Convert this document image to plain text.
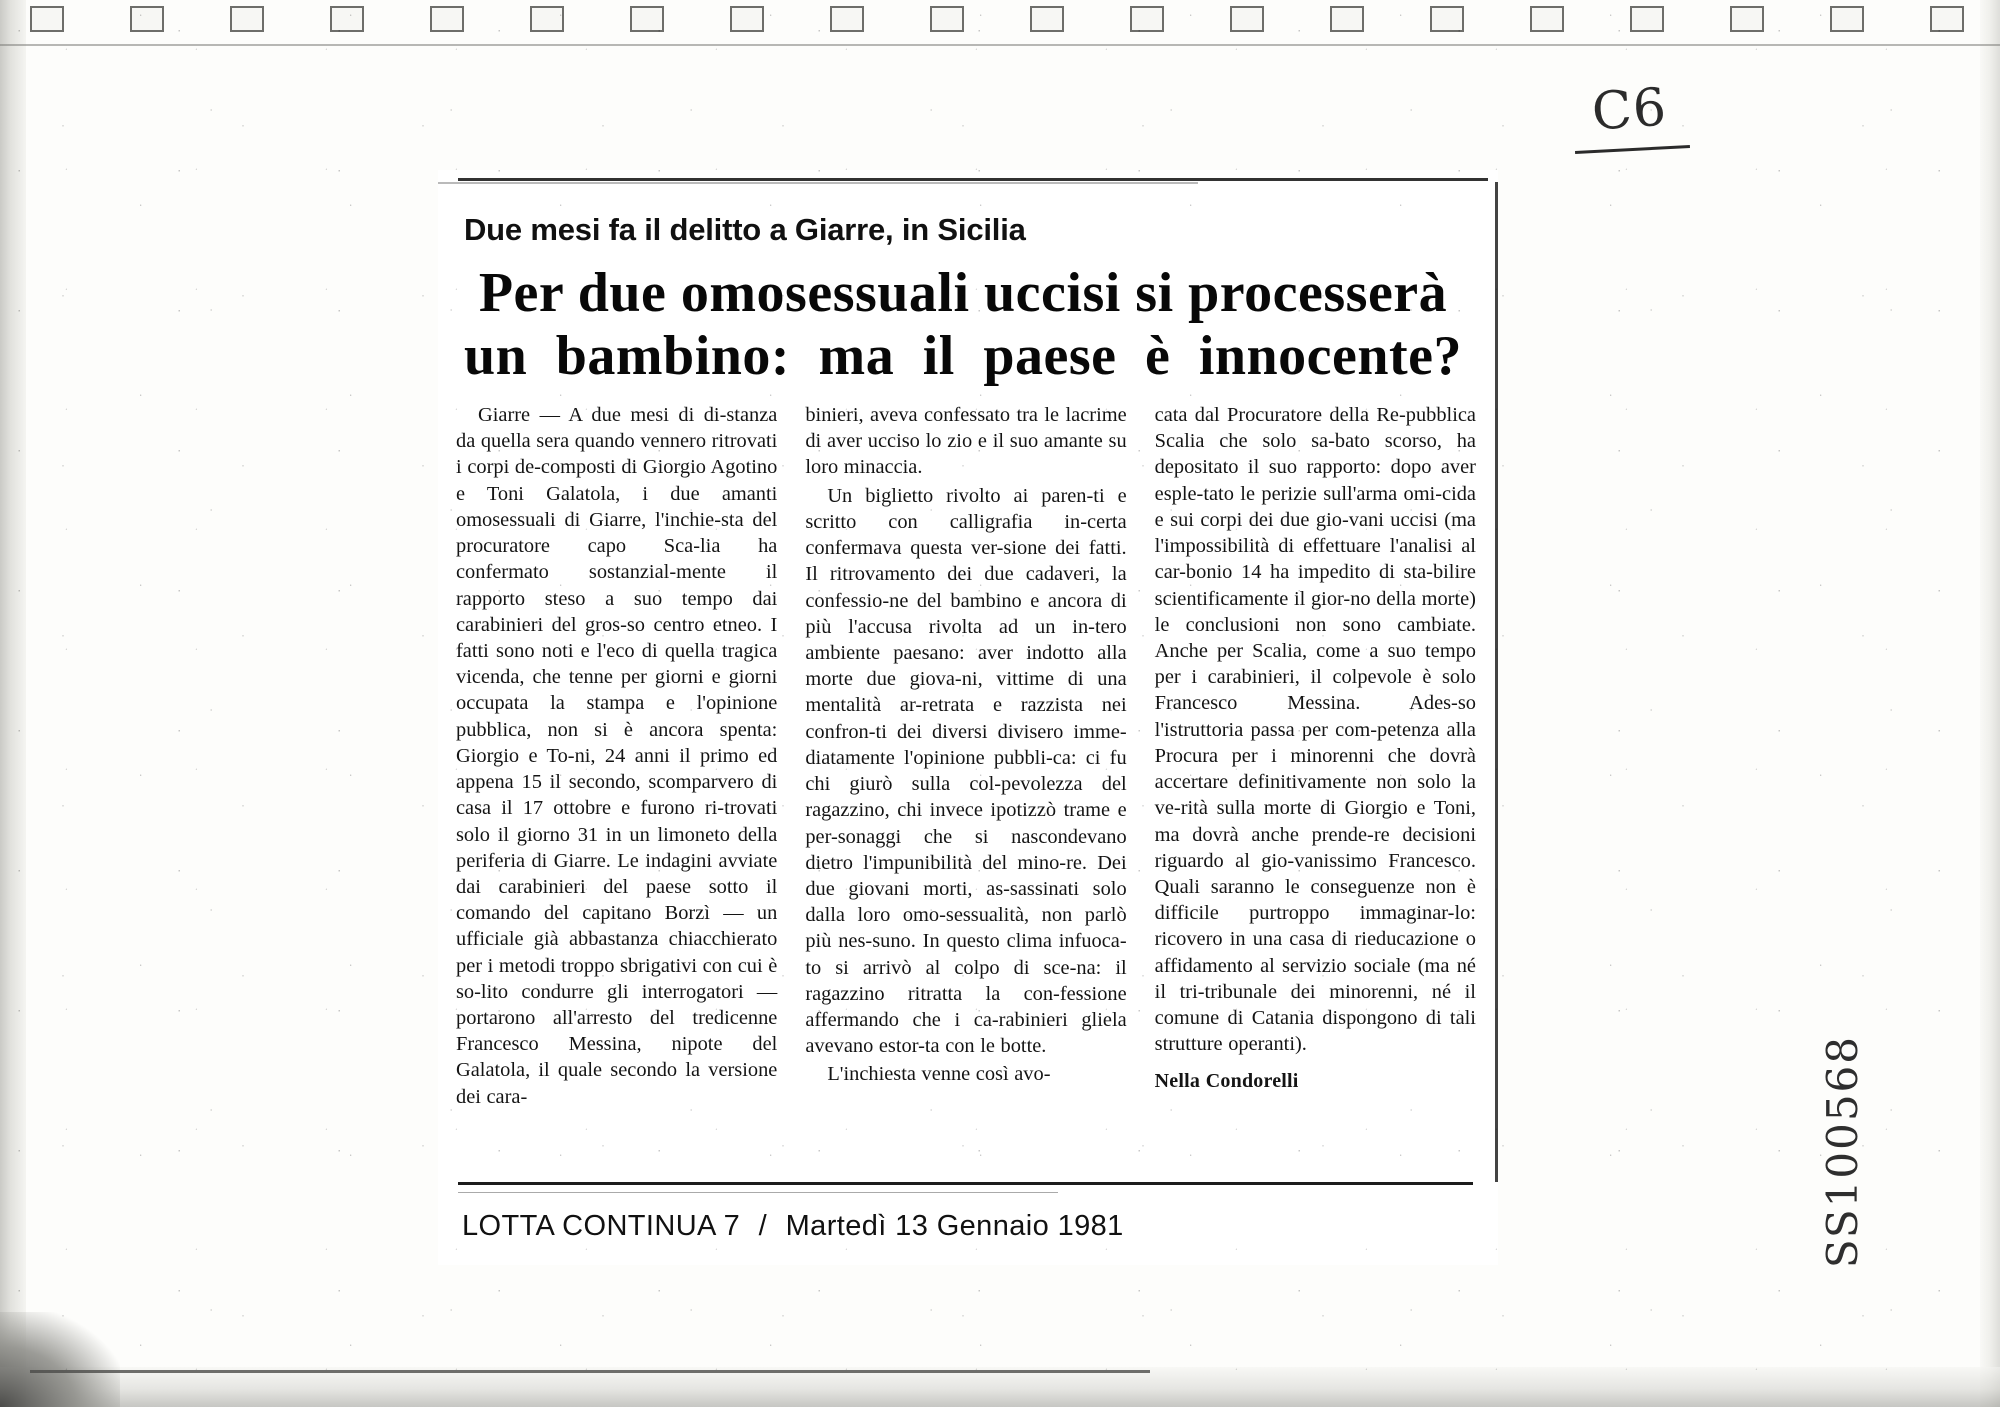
C6
SS100568
Due mesi fa il delitto a Giarre, in Sicilia
Per due omosessuali uccisi si processerà
un bambino: ma il paese è innocente?

Giarre — A due mesi di di-stanza da quella sera quando vennero ritrovati i corpi de-composti di Giorgio Agotino e Toni Galatola, i due amanti omosessuali di Giarre, l'inchie-sta del procuratore capo Sca-lia ha confermato sostanzial-mente il rapporto steso a suo tempo dai carabinieri del gros-so centro etneo. I fatti sono noti e l'eco di quella tragica vicenda, che tenne per giorni e giorni occupata la stampa e l'opinione pubblica, non si è ancora spenta: Giorgio e To-ni, 24 anni il primo ed appena 15 il secondo, scomparvero di casa il 17 ottobre e furono ri-trovati solo il giorno 31 in un limoneto della periferia di Giarre. Le indagini avviate dai carabinieri del paese sotto il comando del capitano Borzì — un ufficiale già abbastanza chiacchierato per i metodi troppo sbrigativi con cui è so-lito condurre gli interrogatori — portarono all'arresto del tredicenne Francesco Messina, nipote del Galatola, il quale secondo la versione dei cara-

binieri, aveva confessato tra le lacrime di aver ucciso lo zio e il suo amante su loro minaccia.

Un biglietto rivolto ai paren-ti e scritto con calligrafia in-certa confermava questa ver-sione dei fatti. Il ritrovamento dei due cadaveri, la confessio-ne del bambino e ancora di più l'accusa rivolta ad un in-tero ambiente paesano: aver indotto alla morte due giova-ni, vittime di una mentalità ar-retrata e razzista nei confron-ti dei diversi divisero imme-diatamente l'opinione pubbli-ca: ci fu chi giurò sulla col-pevolezza del ragazzino, chi invece ipotizzò trame e per-sonaggi che si nascondevano dietro l'impunibilità del mino-re. Dei due giovani morti, as-sassinati solo dalla loro omo-sessualità, non parlò più nes-suno. In questo clima infuoca-to si arrivò al colpo di sce-na: il ragazzino ritratta la con-fessione affermando che i ca-rabinieri gliela avevano estor-ta con le botte.

L'inchiesta venne così avo-

cata dal Procuratore della Re-pubblica Scalia che solo sa-bato scorso, ha depositato il suo rapporto: dopo aver esple-tato le perizie sull'arma omi-cida e sui corpi dei due gio-vani uccisi (ma l'impossibilità di effettuare l'analisi al car-bonio 14 ha impedito di sta-bilire scientificamente il gior-no della morte) le conclusioni non sono cambiate. Anche per Scalia, come a suo tempo per i carabinieri, il colpevole è solo Francesco Messina. Ades-so l'istruttoria passa per com-petenza alla Procura per i minorenni che dovrà accertare definitivamente non solo la ve-rità sulla morte di Giorgio e Toni, ma dovrà anche prende-re decisioni riguardo al gio-vanissimo Francesco. Quali saranno le conseguenze non è difficile purtroppo immaginar-lo: ricovero in una casa di rieducazione o affidamento al servizio sociale (ma né il tri-tribunale dei minorenni, né il comune di Catania dispongono di tali strutture operanti).

Nella Condorelli
LOTTA CONTINUA 7 / Martedì 13 Gennaio 1981
